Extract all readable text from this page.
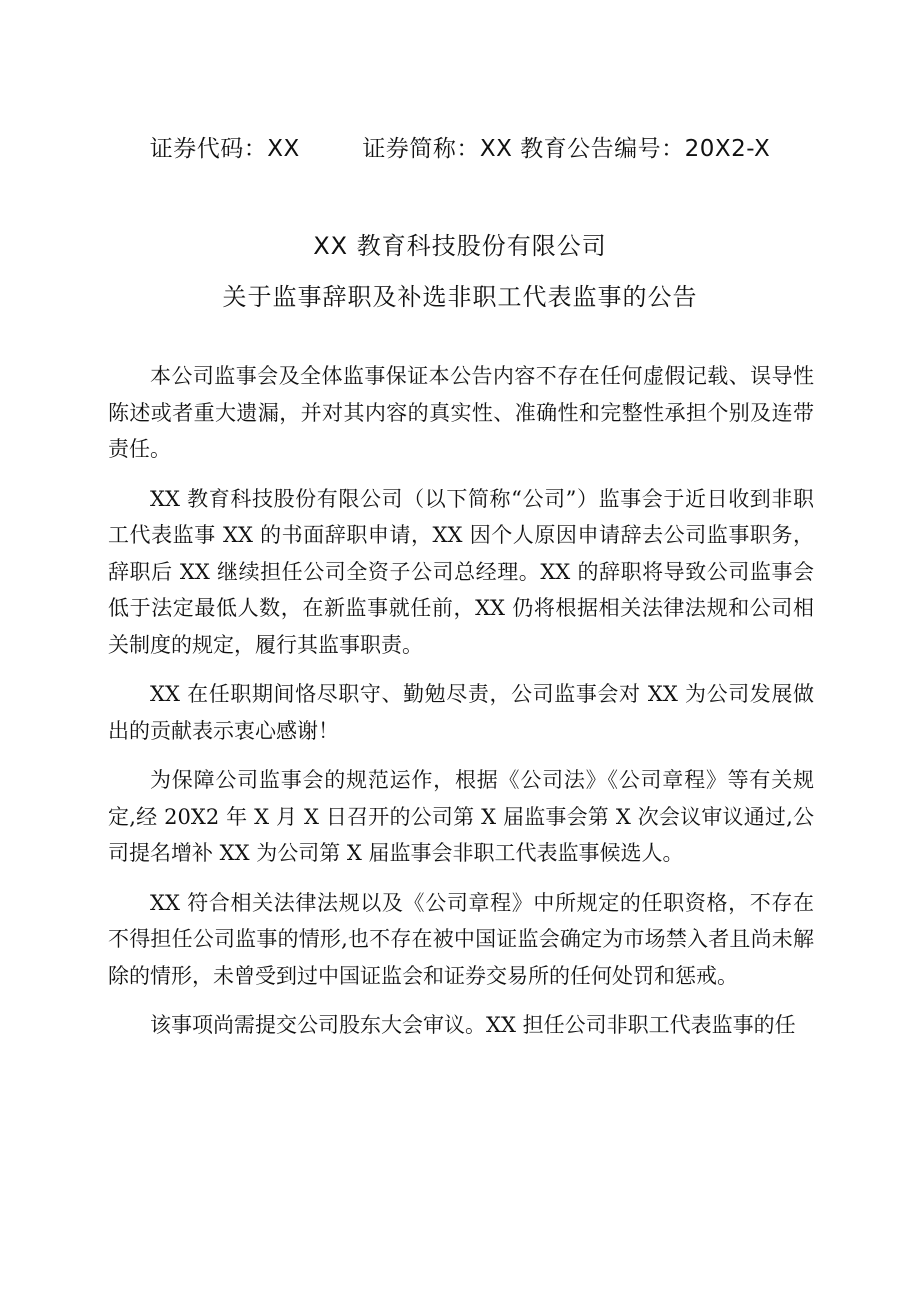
证券代码：XX	证券简称：XX 教育公告编号：20X2-X
XX 教育科技股份有限公司
关于监事辞职及补选非职工代表监事的公告

本公司监事会及全体监事保证本公告内容不存在任何虚假记载、误导性陈述或者重大遗漏，并对其内容的真实性、准确性和完整性承担个别及连带责任。

XX 教育科技股份有限公司（以下简称“公司”）监事会于近日收到非职工代表监事 XX 的书面辞职申请，XX 因个人原因申请辞去公司监事职务，辞职后 XX 继续担任公司全资子公司总经理。XX 的辞职将导致公司监事会低于法定最低人数，在新监事就任前，XX 仍将根据相关法律法规和公司相关制度的规定，履行其监事职责。

XX 在任职期间恪尽职守、勤勉尽责，公司监事会对 XX 为公司发展做出的贡献表示衷心感谢！

为保障公司监事会的规范运作，根据《公司法》《公司章程》等有关规定,经 20X2 年 X 月 X 日召开的公司第 X 届监事会第 X 次会议审议通过,公司提名增补 XX 为公司第 X 届监事会非职工代表监事候选人。

XX 符合相关法律法规以及《公司章程》中所规定的任职资格，不存在不得担任公司监事的情形,也不存在被中国证监会确定为市场禁入者且尚未解除的情形，未曾受到过中国证监会和证券交易所的任何处罚和惩戒。

该事项尚需提交公司股东大会审议。XX 担任公司非职工代表监事的任
